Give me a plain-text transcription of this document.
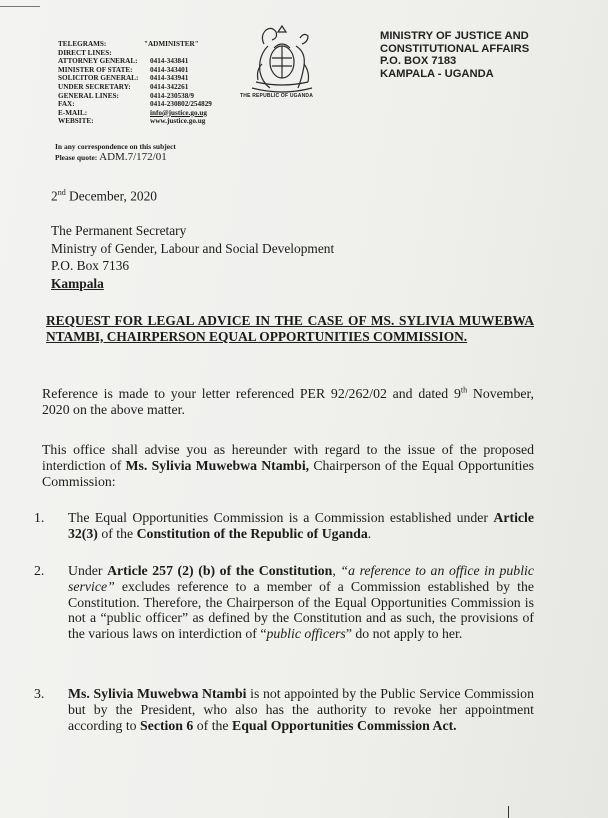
TELEGRAMS:	"ADMINISTER"
DIRECT LINES:
ATTORNEY GENERAL:	0414-343841
MINISTER OF STATE:	0414-343401
SOLICITOR GENERAL:	0414-343941
UNDER SECRETARY:	0414-342261
GENERAL LINES:	0414-230538/9
FAX:	0414-230802/254829
E-MAIL:	info@justice.go.ug
WEBSITE:	www.justice.go.ug
THE REPUBLIC OF UGANDA
MINISTRY OF JUSTICE AND
CONSTITUTIONAL AFFAIRS
P.O. BOX 7183
KAMPALA - UGANDA
In any correspondence on this subject
Please quote: ADM.7/172/01
2nd December, 2020
The Permanent Secretary
Ministry of Gender, Labour and Social Development
P.O. Box 7136
Kampala
REQUEST FOR LEGAL ADVICE IN THE CASE OF MS. SYLIVIA MUWEBWA NTAMBI, CHAIRPERSON EQUAL OPPORTUNITIES COMMISSION.
Reference is made to your letter referenced PER 92/262/02 and dated 9th November, 2020 on the above matter.
This office shall advise you as hereunder with regard to the issue of the proposed interdiction of Ms. Sylivia Muwebwa Ntambi, Chairperson of the Equal Opportunities Commission:
1. The Equal Opportunities Commission is a Commission established under Article 32(3) of the Constitution of the Republic of Uganda.
2. Under Article 257 (2) (b) of the Constitution, “a reference to an office in public service” excludes reference to a member of a Commission established by the Constitution. Therefore, the Chairperson of the Equal Opportunities Commission is not a “public officer” as defined by the Constitution and as such, the provisions of the various laws on interdiction of “public officers” do not apply to her.
3. Ms. Sylivia Muwebwa Ntambi is not appointed by the Public Service Commission but by the President, who also has the authority to revoke her appointment according to Section 6 of the Equal Opportunities Commission Act.
